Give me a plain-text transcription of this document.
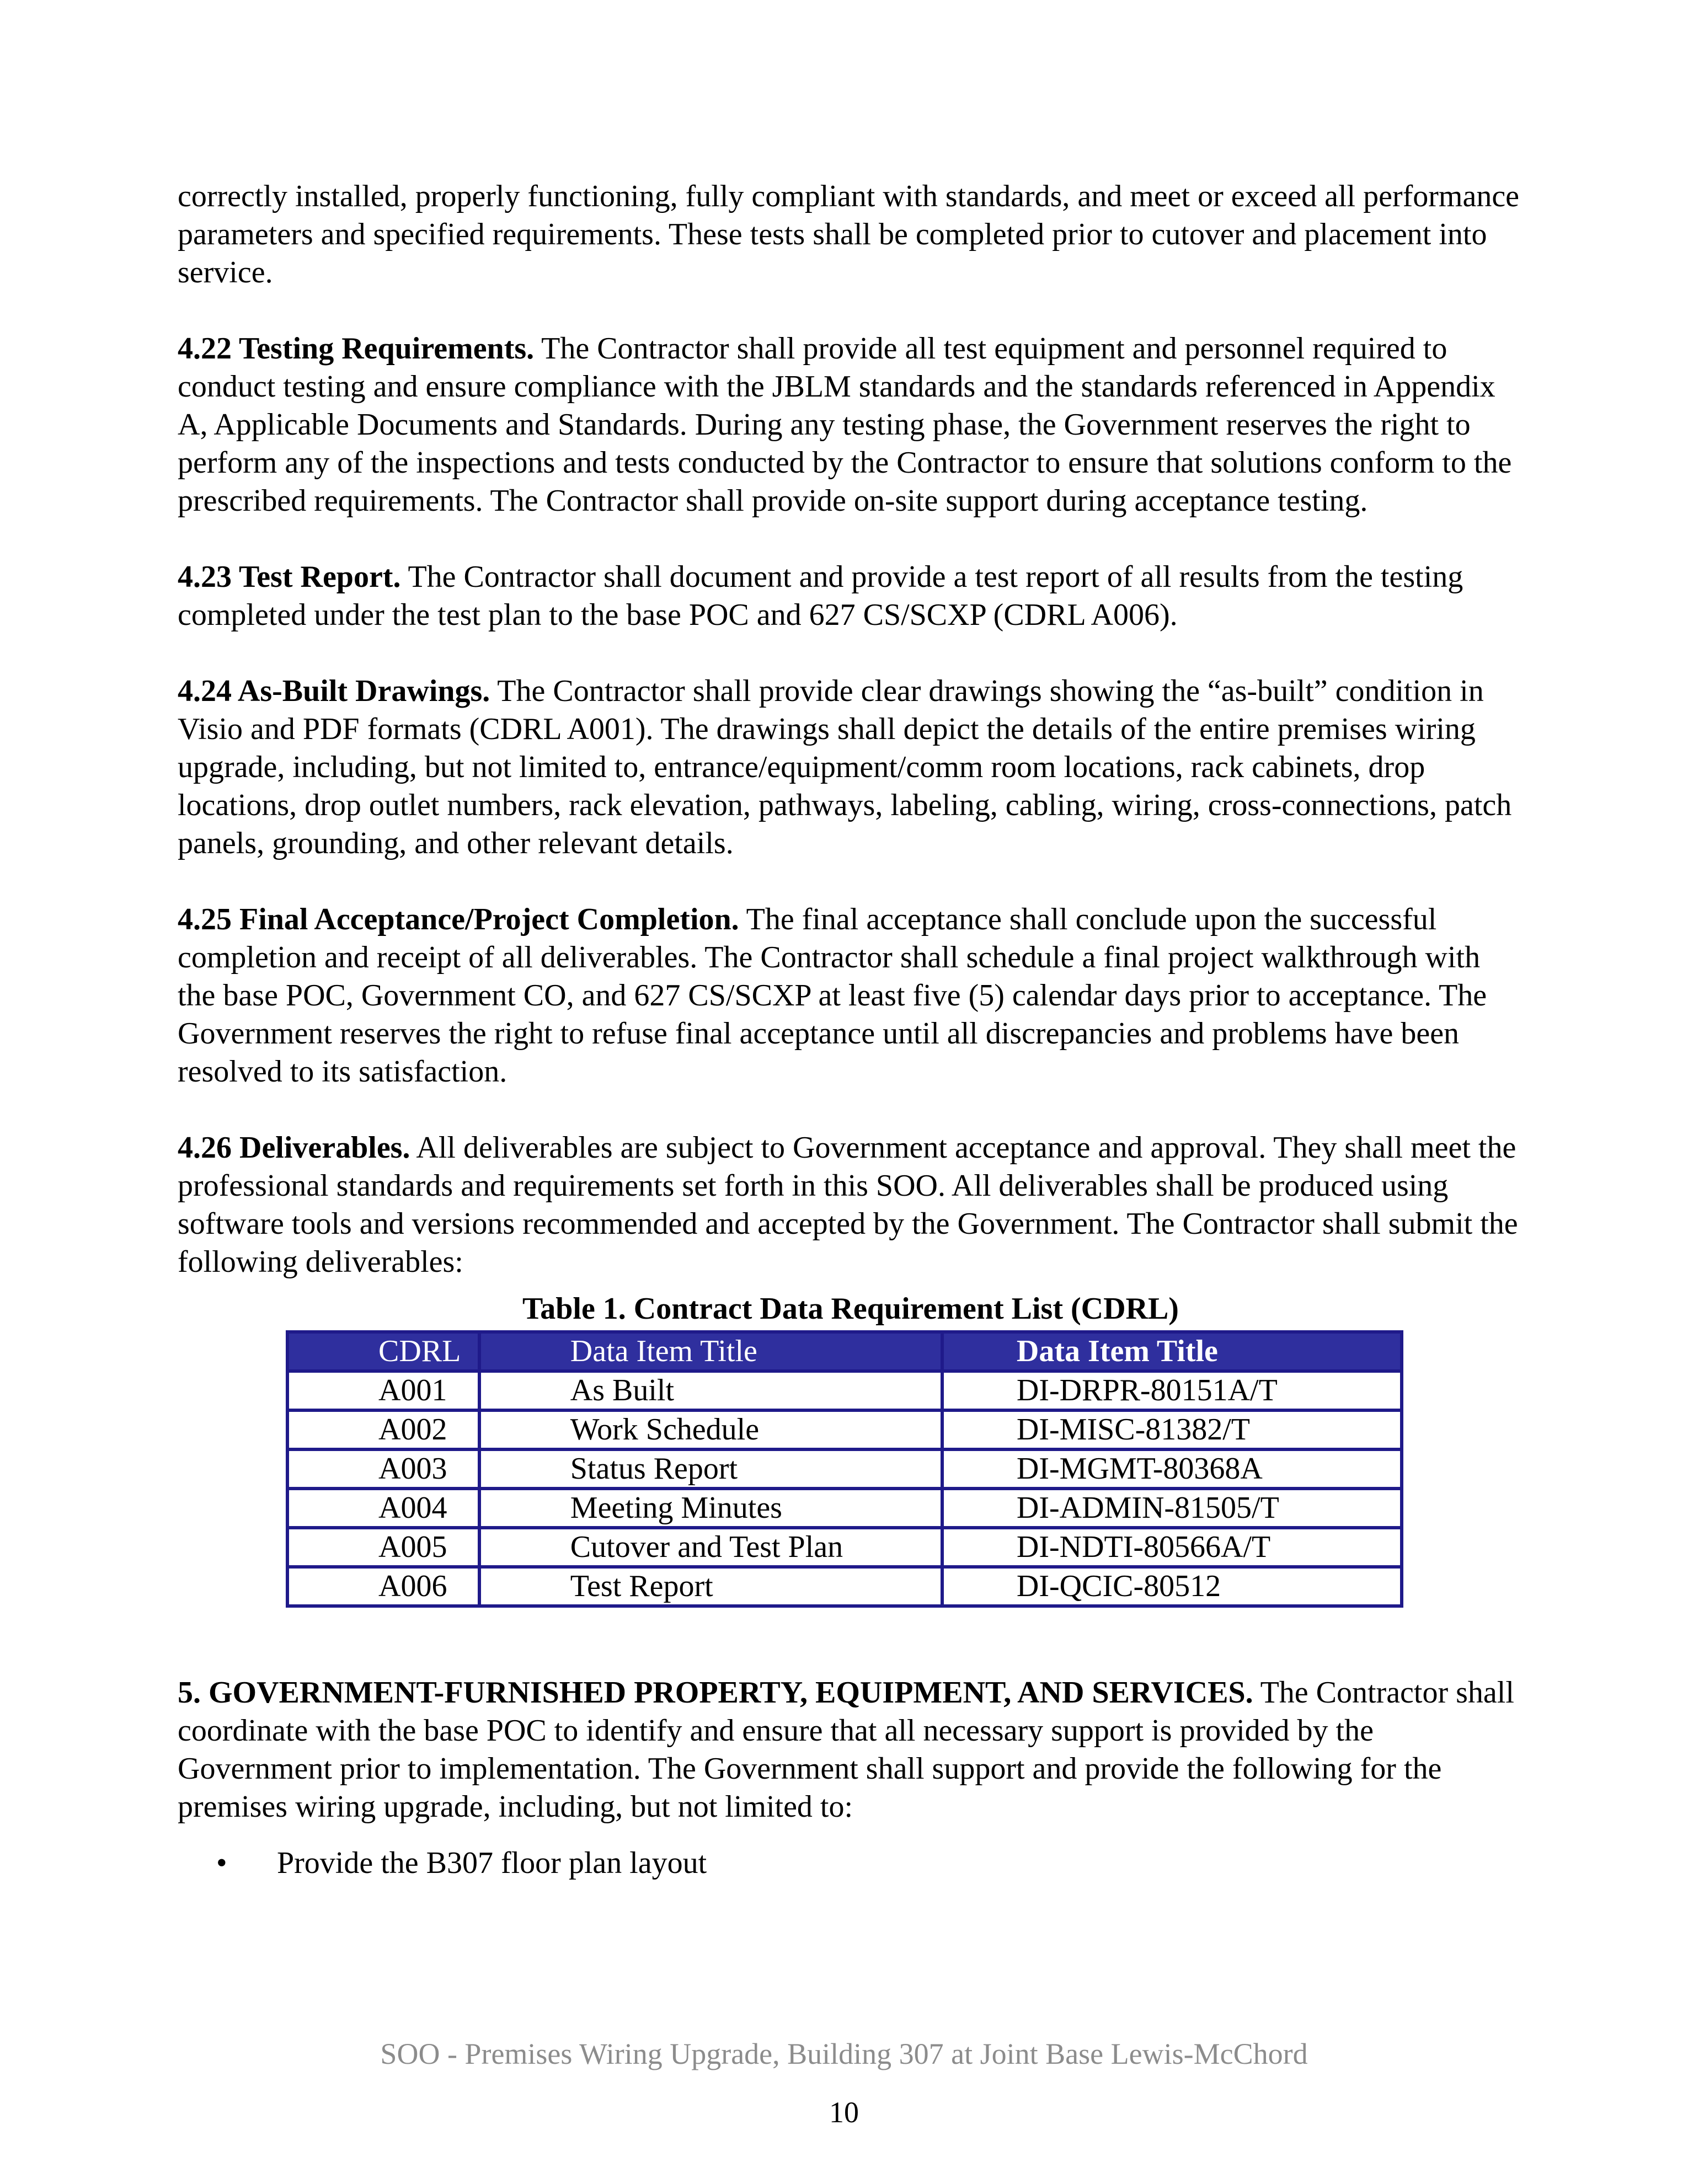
correctly installed, properly functioning, fully compliant with standards, and meet or exceed all performance parameters and specified requirements. These tests shall be completed prior to cutover and placement into service.

4.22 Testing Requirements. The Contractor shall provide all test equipment and personnel required to conduct testing and ensure compliance with the JBLM standards and the standards referenced in Appendix A, Applicable Documents and Standards. During any testing phase, the Government reserves the right to perform any of the inspections and tests conducted by the Contractor to ensure that solutions conform to the prescribed requirements. The Contractor shall provide on-site support during acceptance testing.

4.23 Test Report. The Contractor shall document and provide a test report of all results from the testing completed under the test plan to the base POC and 627 CS/SCXP (CDRL A006).

4.24 As-Built Drawings. The Contractor shall provide clear drawings showing the “as-built” condition in Visio and PDF formats (CDRL A001). The drawings shall depict the details of the entire premises wiring upgrade, including, but not limited to, entrance/equipment/comm room locations, rack cabinets, drop locations, drop outlet numbers, rack elevation, pathways, labeling, cabling, wiring, cross-connections, patch panels, grounding, and other relevant details.

4.25 Final Acceptance/Project Completion. The final acceptance shall conclude upon the successful completion and receipt of all deliverables. The Contractor shall schedule a final project walkthrough with the base POC, Government CO, and 627 CS/SCXP at least five (5) calendar days prior to acceptance. The Government reserves the right to refuse final acceptance until all discrepancies and problems have been resolved to its satisfaction.

4.26 Deliverables. All deliverables are subject to Government acceptance and approval. They shall meet the professional standards and requirements set forth in this SOO. All deliverables shall be produced using software tools and versions recommended and accepted by the Government. The Contractor shall submit the following deliverables:

Table 1. Contract Data Requirement List (CDRL)
CDRL	Data Item Title	Data Item Title
A001	As Built	DI-DRPR-80151A/T
A002	Work Schedule	DI-MISC-81382/T
A003	Status Report	DI-MGMT-80368A
A004	Meeting Minutes	DI-ADMIN-81505/T
A005	Cutover and Test Plan	DI-NDTI-80566A/T
A006	Test Report	DI-QCIC-80512

5. GOVERNMENT-FURNISHED PROPERTY, EQUIPMENT, AND SERVICES. The Contractor shall coordinate with the base POC to identify and ensure that all necessary support is provided by the Government prior to implementation. The Government shall support and provide the following for the premises wiring upgrade, including, but not limited to:

• Provide the B307 floor plan layout
SOO - Premises Wiring Upgrade, Building 307 at Joint Base Lewis-McChord
10
